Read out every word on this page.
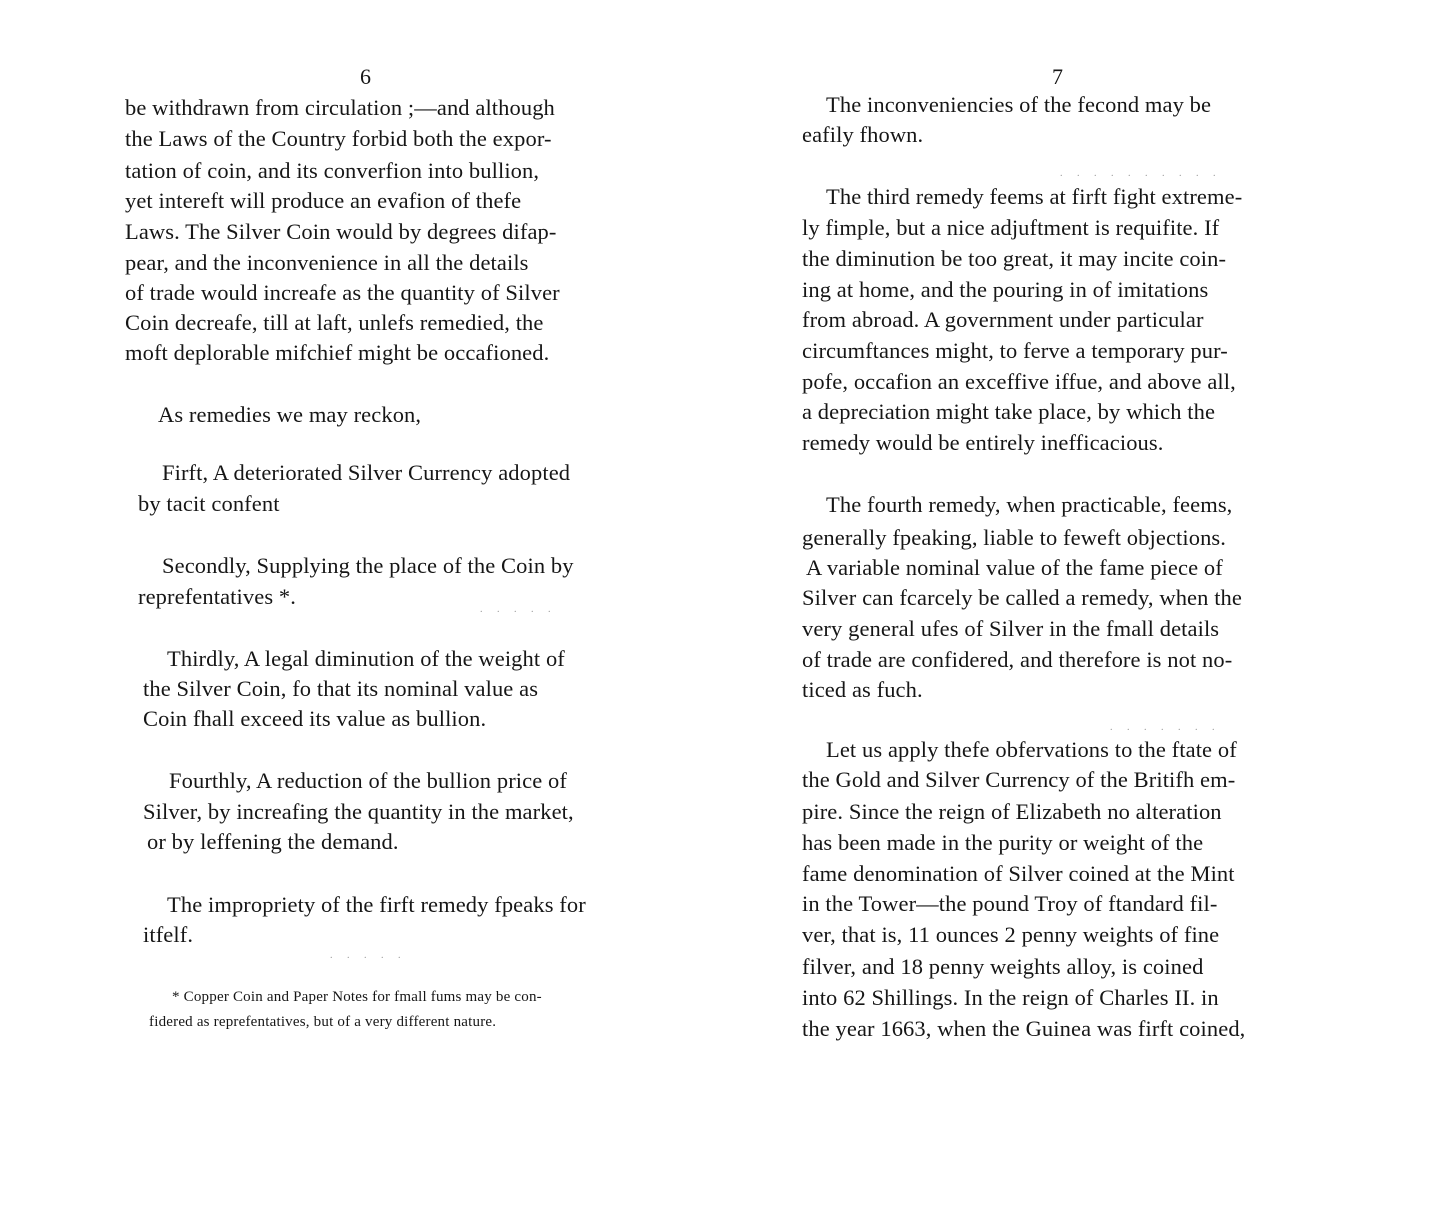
6
be withdrawn from circulation ;—and although
the Laws of the Country forbid both the expor-
tation of coin, and its converfion into bullion,
yet intereft will produce an evafion of thefe
Laws. The Silver Coin would by degrees difap-
pear, and the inconvenience in all the details
of trade would increafe as the quantity of Silver
Coin decreafe, till at laft, unlefs remedied, the
moft deplorable mifchief might be occafioned.
As remedies we may reckon,
Firft, A deteriorated Silver Currency adopted
by tacit confent
Secondly, Supplying the place of the Coin by
reprefentatives *.
Thirdly, A legal diminution of the weight of
the Silver Coin, fo that its nominal value as
Coin fhall exceed its value as bullion.
Fourthly, A reduction of the bullion price of
Silver, by increafing the quantity in the market,
or by leffening the demand.
The impropriety of the firft remedy fpeaks for
itfelf.
* Copper Coin and Paper Notes for fmall fums may be con-
fidered as reprefentatives, but of a very different nature.
7
The inconveniencies of the fecond may be
eafily fhown.
The third remedy feems at firft fight extreme-
ly fimple, but a nice adjuftment is requifite. If
the diminution be too great, it may incite coin-
ing at home, and the pouring in of imitations
from abroad. A government under particular
circumftances might, to ferve a temporary pur-
pofe, occafion an exceffive iffue, and above all,
a depreciation might take place, by which the
remedy would be entirely inefficacious.
The fourth remedy, when practicable, feems,
generally fpeaking, liable to feweft objections.
A variable nominal value of the fame piece of
Silver can fcarcely be called a remedy, when the
very general ufes of Silver in the fmall details
of trade are confidered, and therefore is not no-
ticed as fuch.
Let us apply thefe obfervations to the ftate of
the Gold and Silver Currency of the Britifh em-
pire. Since the reign of Elizabeth no alteration
has been made in the purity or weight of the
fame denomination of Silver coined at the Mint
in the Tower—the pound Troy of ftandard fil-
ver, that is, 11 ounces 2 penny weights of fine
filver, and 18 penny weights alloy, is coined
into 62 Shillings. In the reign of Charles II. in
the year 1663, when the Guinea was firft coined,
. . . . . . . . . .
. . . . .
. . . . . . .
. . . . .
